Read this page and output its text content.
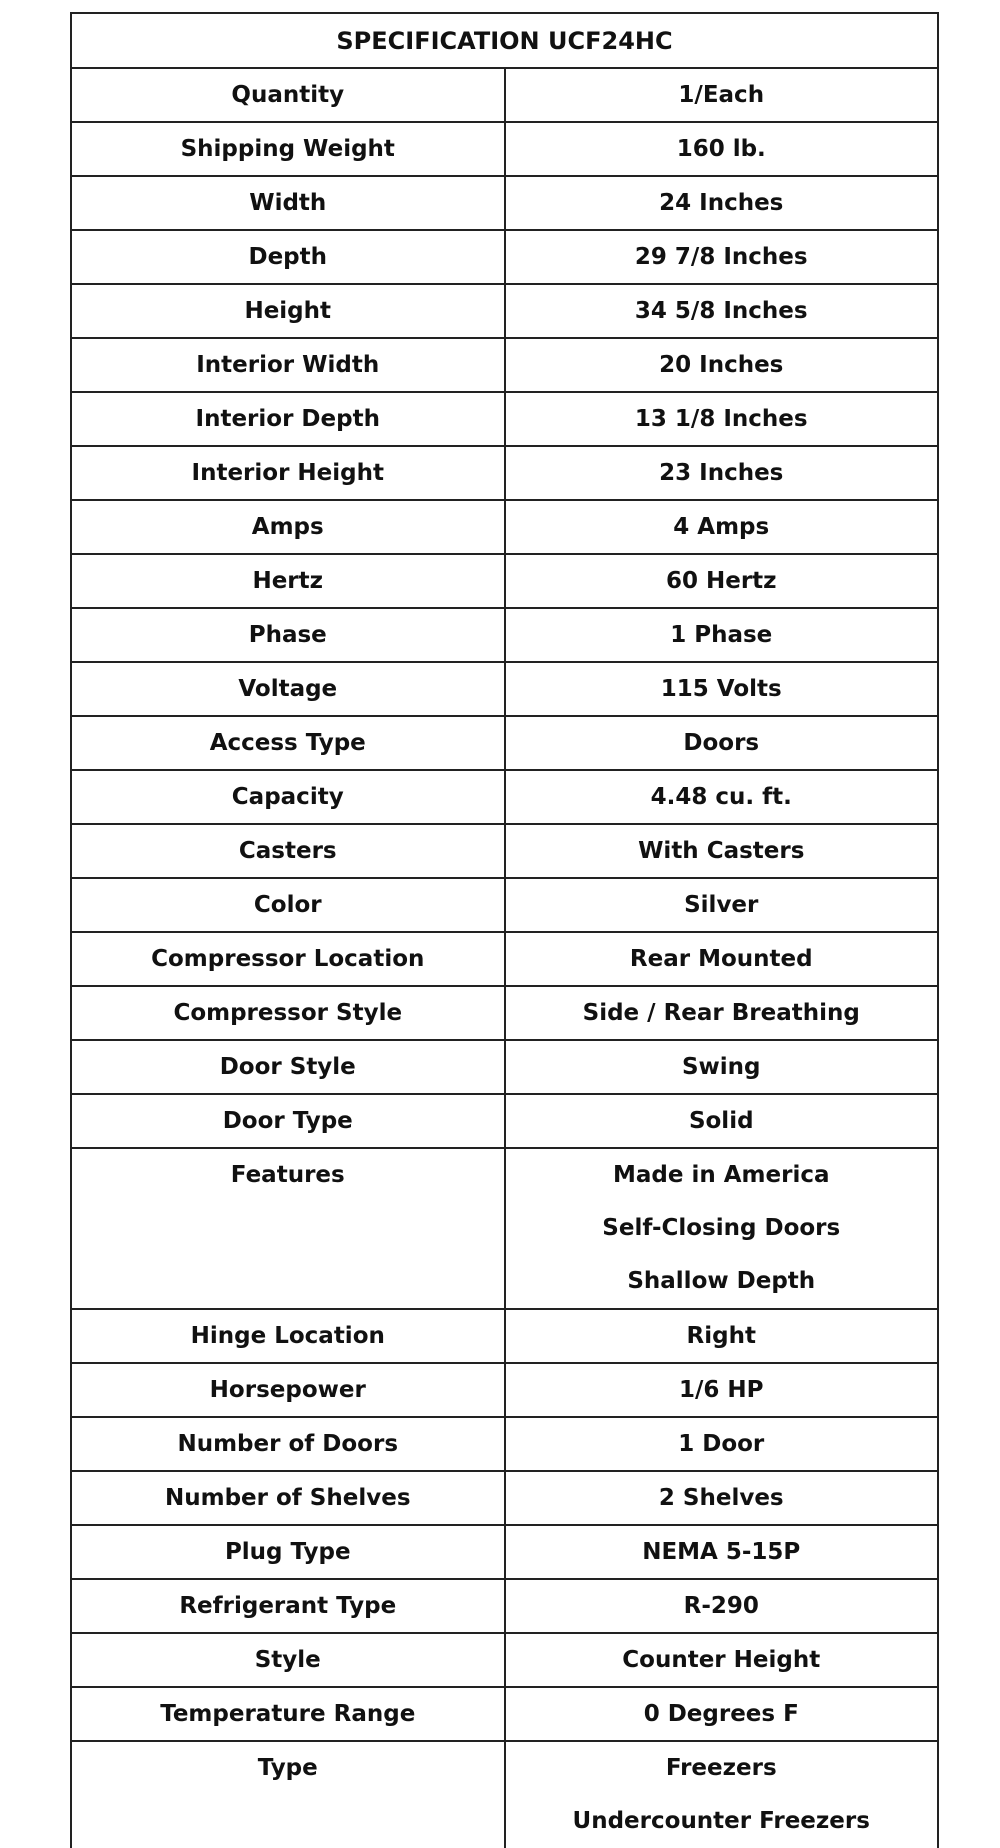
SPECIFICATION UCF24HC	
Quantity	1/Each
Shipping Weight	160 lb.
Width	24 Inches
Depth	29 7/8 Inches
Height	34 5/8 Inches
Interior Width	20 Inches
Interior Depth	13 1/8 Inches
Interior Height	23 Inches
Amps	4 Amps
Hertz	60 Hertz
Phase	1 Phase
Voltage	115 Volts
Access Type	Doors
Capacity	4.48 cu. ft.
Casters	With Casters
Color	Silver
Compressor Location	Rear Mounted
Compressor Style	Side / Rear Breathing
Door Style	Swing
Door Type	Solid

Features	Made in America
Self-Closing Doors
Shallow Depth

Hinge Location	Right
Horsepower	1/6 HP
Number of Doors	1 Door
Number of Shelves	2 Shelves
Plug Type	NEMA 5-15P
Refrigerant Type	R-290
Style	Counter Height
Temperature Range	0 Degrees F

Type	Freezers
Undercounter Freezers
